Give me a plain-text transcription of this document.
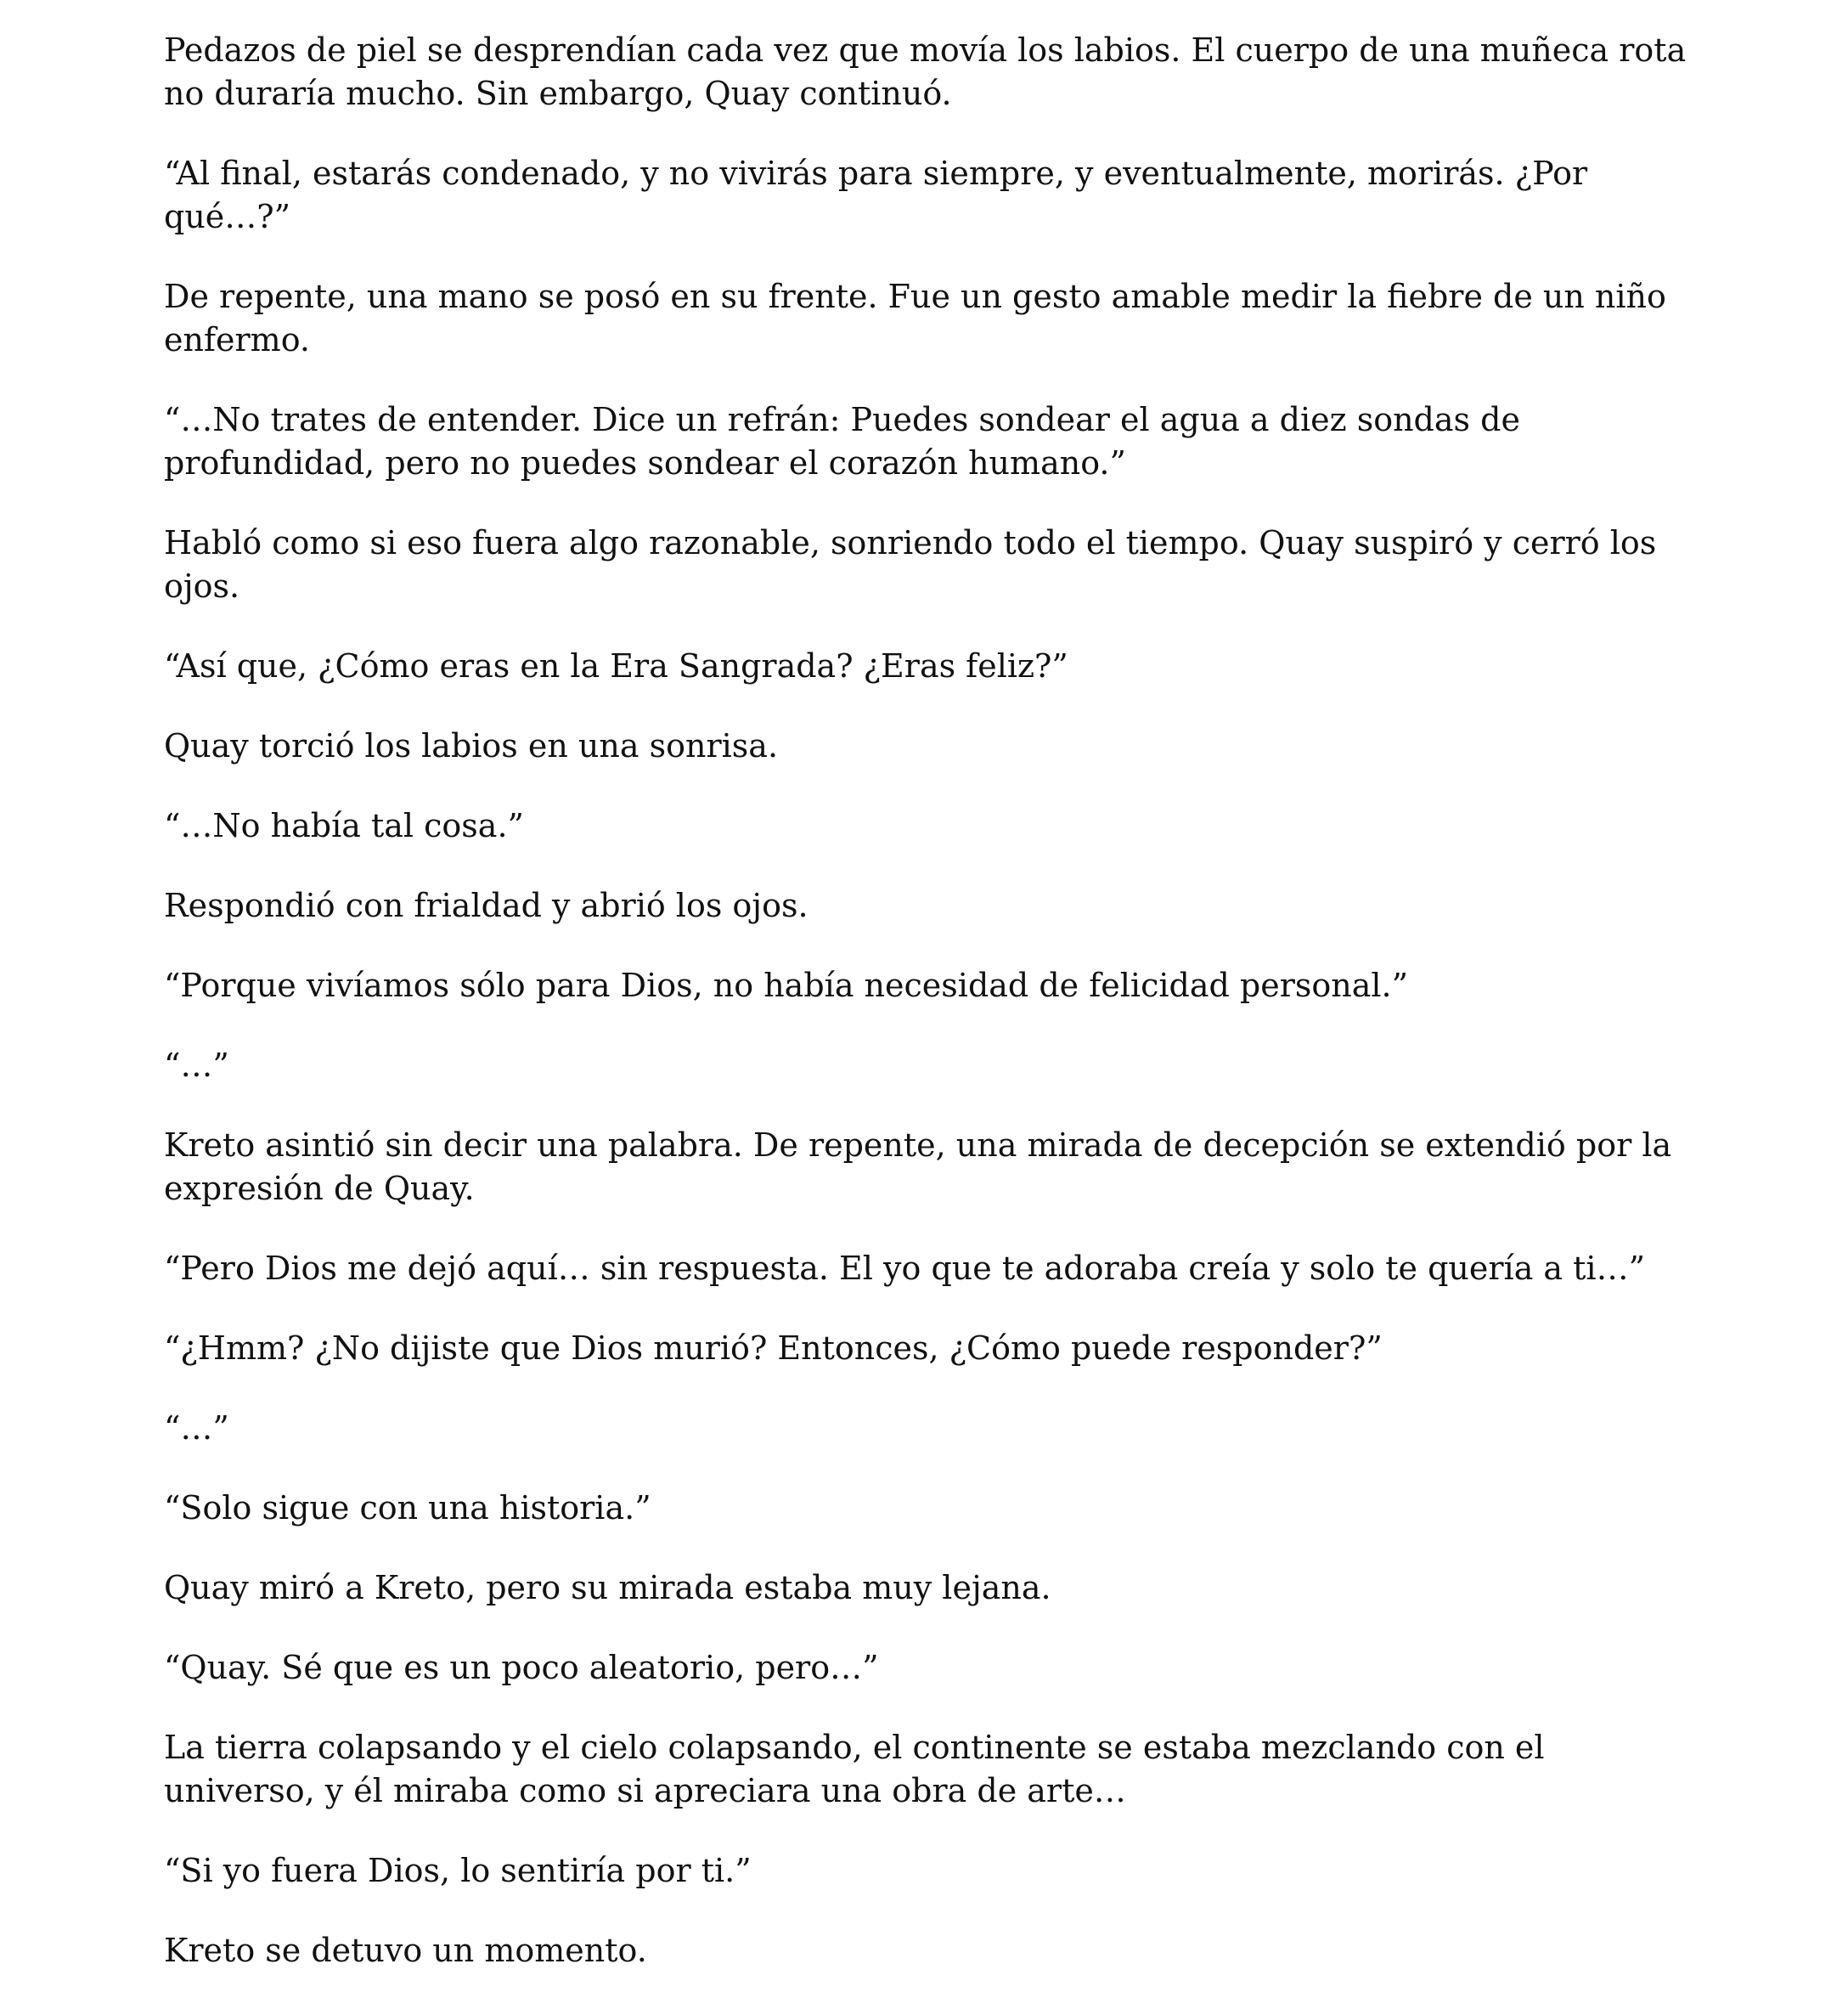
Pedazos de piel se desprendían cada vez que movía los labios. El cuerpo de una muñeca rota no duraría mucho. Sin embargo, Quay continuó.

“Al final, estarás condenado, y no vivirás para siempre, y eventualmente, morirás. ¿Por qué…?”

De repente, una mano se posó en su frente. Fue un gesto amable medir la fiebre de un niño enfermo.

“…No trates de entender. Dice un refrán: Puedes sondear el agua a diez sondas de profundidad, pero no puedes sondear el corazón humano.”

Habló como si eso fuera algo razonable, sonriendo todo el tiempo. Quay suspiró y cerró los ojos.

“Así que, ¿Cómo eras en la Era Sangrada? ¿Eras feliz?”

Quay torció los labios en una sonrisa.

“…No había tal cosa.”

Respondió con frialdad y abrió los ojos.

“Porque vivíamos sólo para Dios, no había necesidad de felicidad personal.”

“…”

Kreto asintió sin decir una palabra. De repente, una mirada de decepción se extendió por la expresión de Quay.

“Pero Dios me dejó aquí… sin respuesta. El yo que te adoraba creía y solo te quería a ti…”

“¿Hmm? ¿No dijiste que Dios murió? Entonces, ¿Cómo puede responder?”

“…”

“Solo sigue con una historia.”

Quay miró a Kreto, pero su mirada estaba muy lejana.

“Quay. Sé que es un poco aleatorio, pero…”

La tierra colapsando y el cielo colapsando, el continente se estaba mezclando con el universo, y él miraba como si apreciara una obra de arte…

“Si yo fuera Dios, lo sentiría por ti.”

Kreto se detuvo un momento.
